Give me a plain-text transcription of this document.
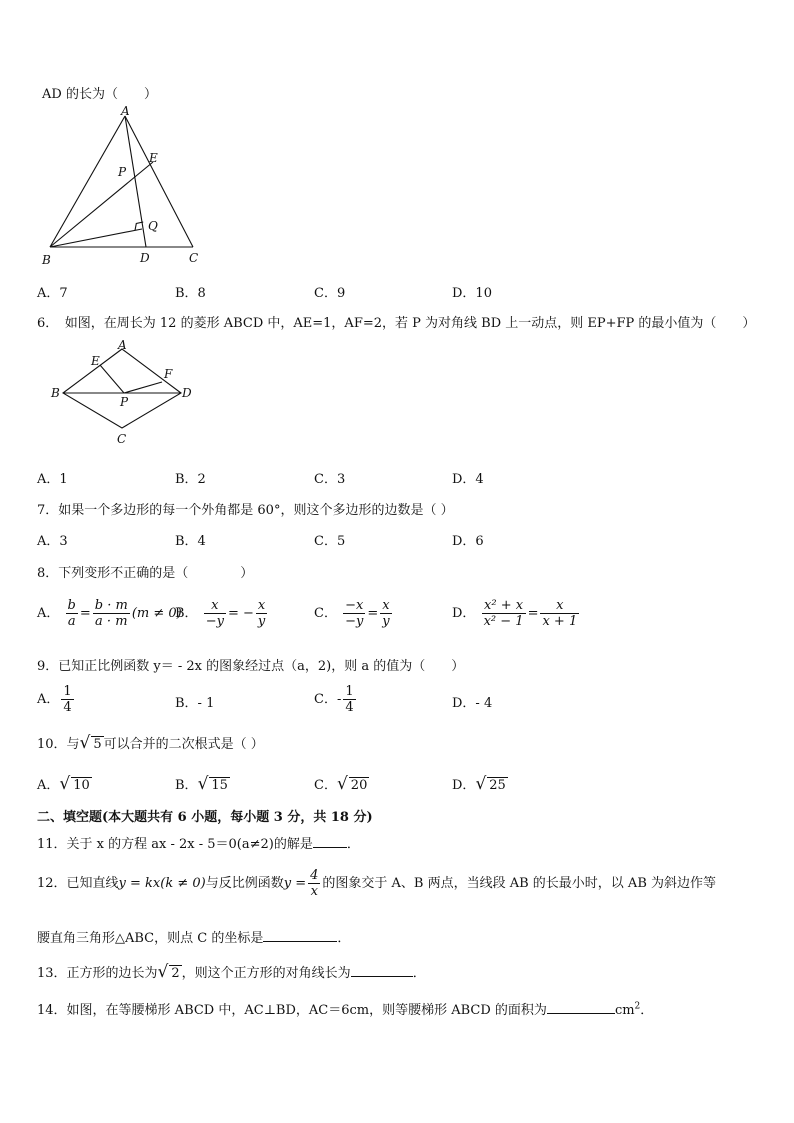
AD 的长为（　　）
A
B	C
D
E
P
Q
A．7	B．8	C．9	D．10
6．　如图，在周长为 12 的菱形 ABCD 中，AE=1，AF=2，若 P 为对角线 BD 上一动点，则 EP+FP 的最小值为（　　）
A
B
C
D
E
F
P
A．1	B．2	C．3	D．4
7．如果一个多边形的每一个外角都是 60°，则这个多边形的边数是（ ）
A．3	B．4	C．5	D．6
8．下列变形不正确的是（　　　　）
A． $\frac{b}{a} = \frac{b \cdot m}{a \cdot m} (m \ne 0)$
B． $\frac{x}{-y}$ = − $\frac{x}{y}$	C． $\frac{-x}{-y} = \frac{x}{y}$	D． $\frac{\text{x² + x}}{\text{x² − 1}} = \frac{x}{x + 1}$
9．已知正比例函数 y＝ - 2x 的图象经过点（a，2)，则 a 的值为（　　）
A． $\frac{1}{4}$	B．- 1	C．- $\frac{1}{4}$	D．- 4
10．与√ 5 可以合并的二次根式是（ ）
A．√ 10	B．√ 15	C．√ 20	D．√ 25
二、填空题(本大题共有 6 小题，每小题 3 分，共 18 分)
11．关于 x 的方程 ax - 2x - 5＝0(a≠2)的解是	．
12．已知直线y = kx(k ≠ 0)与反比例函数$y = \frac{4}{x}$ 的图象交于 A、B 两点，当线段 AB 的长最小时，以 AB 为斜边作等
腰直角三角形△ABC，则点 C 的坐标是	．
13．正方形的边长为√ 2 ，则这个正方形的对角线长为	．
14．如图，在等腰梯形 ABCD 中，AC⊥BD，AC＝6cm，则等腰梯形 ABCD 的面积为	$cm^2$．
